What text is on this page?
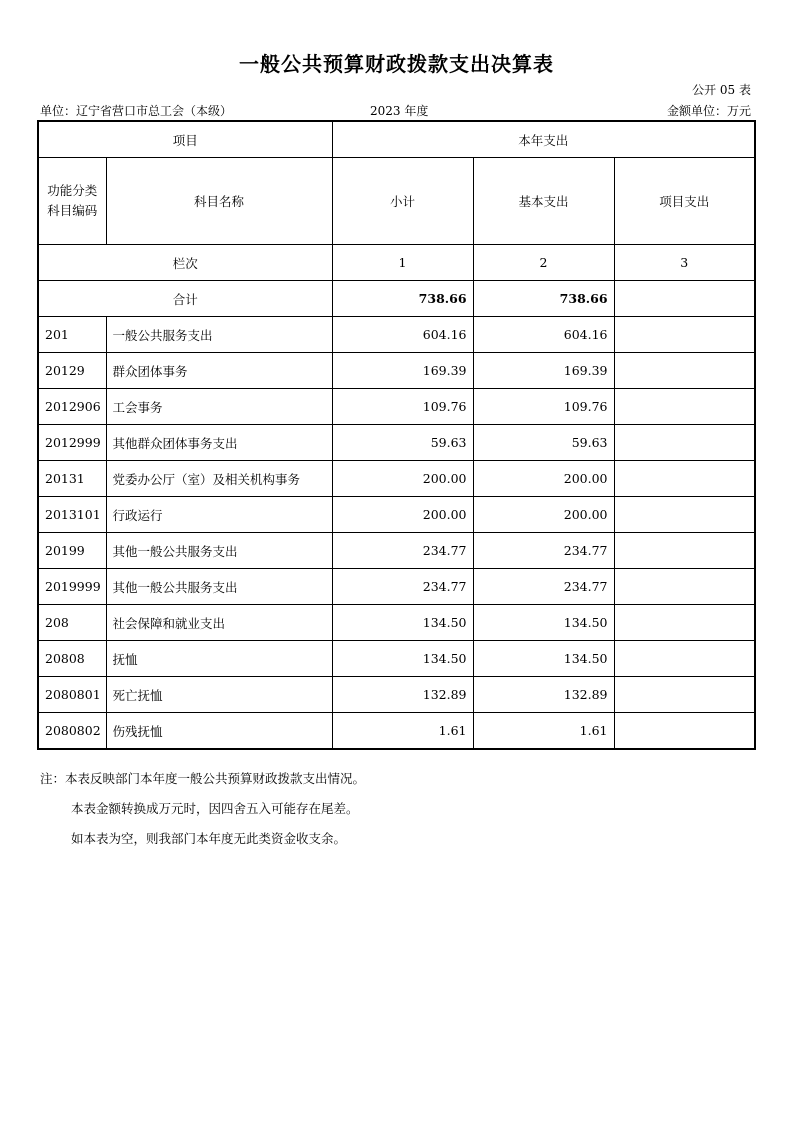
一般公共预算财政拨款支出决算表
公开 05 表
单位：辽宁省营口市总工会（本级）	2023 年度	金额单位：万元
项目		本年支出		
功能分类科目编码	科目名称	小计	基本支出	项目支出
栏次		1	2	3
合计		738.66	738.66	
201	一般公共服务支出	604.16	604.16	
20129	群众团体事务	169.39	169.39	
2012906	工会事务	109.76	109.76	
2012999	其他群众团体事务支出	59.63	59.63	
20131	党委办公厅（室）及相关机构事务	200.00	200.00	
2013101	行政运行	200.00	200.00	
20199	其他一般公共服务支出	234.77	234.77	
2019999	其他一般公共服务支出	234.77	234.77	
208	社会保障和就业支出	134.50	134.50	
20808	抚恤	134.50	134.50	
2080801	死亡抚恤	132.89	132.89	
2080802	伤残抚恤	1.61	1.61	
注：本表反映部门本年度一般公共预算财政拨款支出情况。
本表金额转换成万元时，因四舍五入可能存在尾差。
如本表为空，则我部门本年度无此类资金收支余。
